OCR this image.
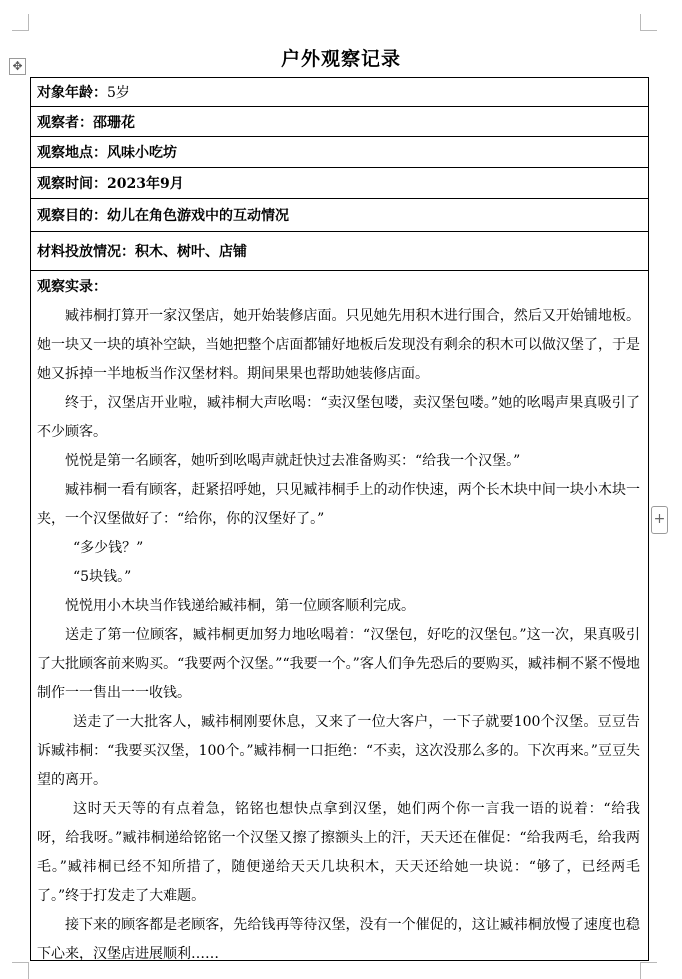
✥
+
户外观察记录
对象年龄： 5岁
观察者： 邵珊花
观察地点： 风味小吃坊
观察时间： 2023年9月
观察目的： 幼儿在角色游戏中的互动情况
材料投放情况： 积木、树叶、店铺
观察实录：

臧祎桐打算开一家汉堡店，她开始装修店面。只见她先用积木进行围合，然后又开始铺地板。她一块又一块的填补空缺，当她把整个店面都铺好地板后发现没有剩余的积木可以做汉堡了，于是她又拆掉一半地板当作汉堡材料。期间果果也帮助她装修店面。

终于，汉堡店开业啦，臧祎桐大声吆喝：“卖汉堡包喽，卖汉堡包喽。”她的吆喝声果真吸引了不少顾客。

悦悦是第一名顾客，她听到吆喝声就赶快过去准备购买：“给我一个汉堡。”

臧祎桐一看有顾客，赶紧招呼她，只见臧祎桐手上的动作快速，两个长木块中间一块小木块一夹，一个汉堡做好了：“给你，你的汉堡好了。”

“多少钱？”

“5块钱。”

悦悦用小木块当作钱递给臧祎桐，第一位顾客顺利完成。

送走了第一位顾客，臧祎桐更加努力地吆喝着：“汉堡包，好吃的汉堡包。”这一次，果真吸引了大批顾客前来购买。“我要两个汉堡。”“我要一个。”客人们争先恐后的要购买，臧祎桐不紧不慢地制作一一售出一一收钱。

送走了一大批客人，臧祎桐刚要休息，又来了一位大客户，一下子就要100个汉堡。豆豆告诉臧祎桐：“我要买汉堡，100个。”臧祎桐一口拒绝：“不卖，这次没那么多的。下次再来。”豆豆失望的离开。

这时天天等的有点着急，铭铭也想快点拿到汉堡，她们两个你一言我一语的说着：“给我呀，给我呀。”臧祎桐递给铭铭一个汉堡又擦了擦额头上的汗，天天还在催促：“给我两毛，给我两毛。”臧祎桐已经不知所措了，随便递给天天几块积木，天天还给她一块说：“够了，已经两毛了。”终于打发走了大难题。

接下来的顾客都是老顾客，先给钱再等待汉堡，没有一个催促的，这让臧祎桐放慢了速度也稳下心来，汉堡店进展顺利……
